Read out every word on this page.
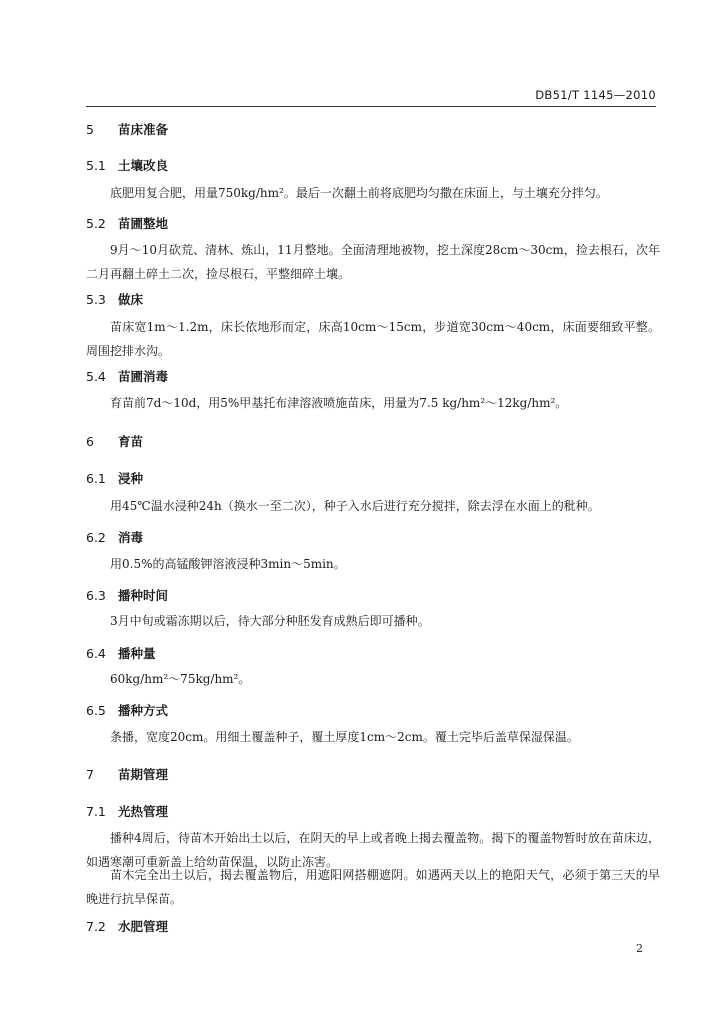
DB51/T 1145—2010
5 苗床准备
5.1 土壤改良
底肥用复合肥，用量750kg/hm²。最后一次翻土前将底肥均匀撒在床面上，与土壤充分拌匀。
5.2 苗圃整地
9月～10月砍荒、清林、炼山，11月整地。全面清理地被物，挖土深度28cm～30cm，捡去根石，次年二月再翻土碎土二次，捡尽根石，平整细碎土壤。
5.3 做床
苗床宽1m～1.2m，床长依地形而定，床高10cm～15cm，步道宽30cm～40cm，床面要细致平整。周围挖排水沟。
5.4 苗圃消毒
育苗前7d～10d，用5%甲基托布津溶液喷施苗床，用量为7.5 kg/hm²～12kg/hm²。
6 育苗
6.1 浸种
用45℃温水浸种24h（换水一至二次），种子入水后进行充分搅拌，除去浮在水面上的秕种。
6.2 消毒
用0.5%的高锰酸钾溶液浸种3min～5min。
6.3 播种时间
3月中旬或霜冻期以后，待大部分种胚发育成熟后即可播种。
6.4 播种量
60kg/hm²～75kg/hm²。
6.5 播种方式
条播，宽度20cm。用细土覆盖种子，覆土厚度1cm～2cm。覆土完毕后盖草保湿保温。
7 苗期管理
7.1 光热管理
播种4周后，待苗木开始出土以后，在阴天的早上或者晚上揭去覆盖物。揭下的覆盖物暂时放在苗床边，如遇寒潮可重新盖上给幼苗保温，以防止冻害。
苗木完全出土以后，揭去覆盖物后，用遮阳网搭棚遮阴。如遇两天以上的艳阳天气，必须于第三天的早晚进行抗旱保苗。
7.2 水肥管理
2
